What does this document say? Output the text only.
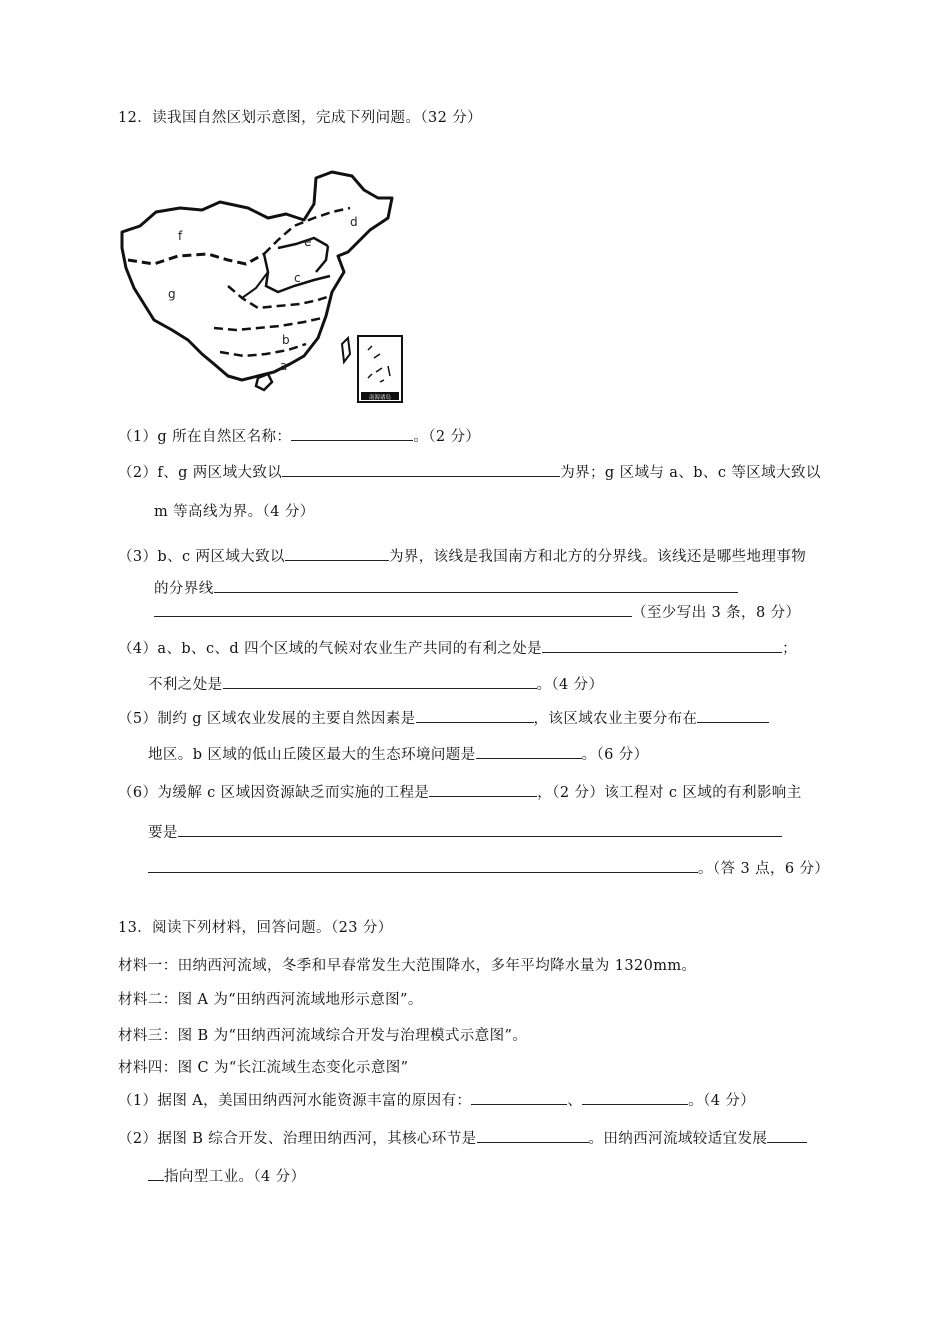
12．读我国自然区划示意图，完成下列问题。（32 分）
f
g
e
d
c
b
a
南海诸岛
（1）g 所在自然区名称：	。（2 分）
（2）f、g 两区域大致以	为界；g 区域与 a、b、c 等区域大致以
m 等高线为界。（4 分）
（3）b、c 两区域大致以	为界，该线是我国南方和北方的分界线。该线还是哪些地理事物
的分界线
（至少写出 3 条，8 分）
（4）a、b、c、d 四个区域的气候对农业生产共同的有利之处是	；
不利之处是	。（4 分）
（5）制约 g 区域农业发展的主要自然因素是	，该区域农业主要分布在
地区。b 区域的低山丘陵区最大的生态环境问题是	。（6 分）
（6）为缓解 c 区域因资源缺乏而实施的工程是	，（2 分）该工程对 c 区域的有利影响主
要是
。（答 3 点，6 分）
13．阅读下列材料，回答问题。（23 分）
材料一：田纳西河流域，冬季和早春常发生大范围降水，多年平均降水量为 1320mm。
材料二：图 A 为“田纳西河流域地形示意图”。
材料三：图 B 为“田纳西河流域综合开发与治理模式示意图”。
材料四：图 C 为“长江流域生态变化示意图”
（1）据图 A，美国田纳西河水能资源丰富的原因有：	、	。（4 分）
（2）据图 B 综合开发、治理田纳西河，其核心环节是	。田纳西河流域较适宜发展
指向型工业。（4 分）
